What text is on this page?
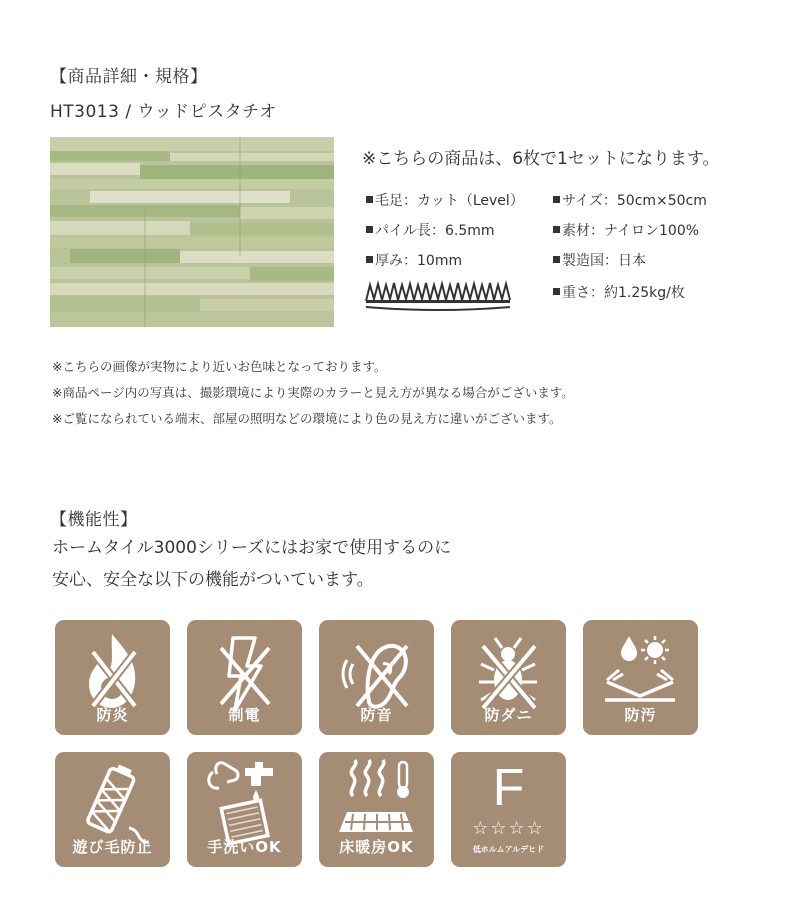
【商品詳細・規格】
HT3013 / ウッドピスタチオ
※こちらの商品は、6枚で1セットになります。
毛足：カット（Level）
パイル長：6.5mm
厚み：10mm
サイズ：50cm×50cm
素材：ナイロン100%
製造国：日本
重さ：約1.25kg/枚
※こちらの画像が実物により近いお色味となっております。
※商品ページ内の写真は、撮影環境により実際のカラーと見え方が異なる場合がございます。
※ご覧になられている端末、部屋の照明などの環境により色の見え方に違いがございます。
【機能性】
ホームタイル3000シリーズにはお家で使用するのに
安心、安全な以下の機能がついています。
防炎	制電	防音	防ダニ	防汚
遊び毛防止	手洗いOK	床暖房OK
F
☆☆☆☆
低ホルムアルデヒド
